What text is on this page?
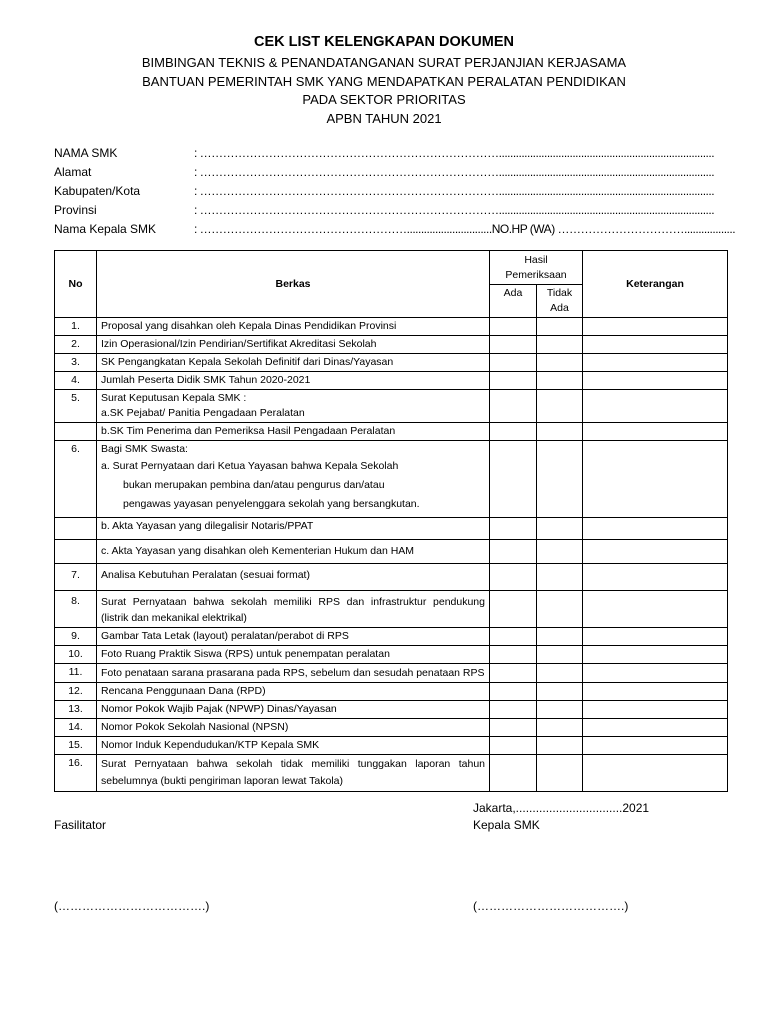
CEK LIST KELENGKAPAN DOKUMEN
BIMBINGAN TEKNIS & PENANDATANGANAN SURAT PERJANJIAN KERJASAMA
BANTUAN PEMERINTAH SMK YANG MENDAPATKAN PERALATAN PENDIDIKAN
PADA SEKTOR PRIORITAS
APBN TAHUN 2021
NAMA SMK	: ……………………………………………………………………............................................................................
Alamat	: ……………………………………………………………………............................................................................
Kabupaten/Kota	: ……………………………………………………………………............................................................................
Provinsi	: ……………………………………………………………………............................................................................
Nama Kepala SMK	: ………………………………………………..............................NO.HP (WA) ……………………………..................
No	Berkas	Hasil Pemeriksaan		Keterangan
		Ada	Tidak Ada	
1.	Proposal yang disahkan oleh Kepala Dinas Pendidikan Provinsi			
2.	Izin Operasional/Izin Pendirian/Sertifikat Akreditasi Sekolah			
3.	SK Pengangkatan Kepala Sekolah Definitif dari Dinas/Yayasan			
4.	Jumlah Peserta Didik SMK Tahun 2020-2021			
5.	Surat Keputusan Kepala SMK :
a.SK Pejabat/ Panitia Pengadaan Peralatan			

	b.SK Tim Penerima dan Pemeriksa Hasil Pengadaan Peralatan			
6.	Bagi SMK Swasta:
a. Surat Pernyataan dari Ketua Yayasan bahwa Kepala Sekolah
bukan merupakan pembina dan/atau pengurus dan/atau
pengawas yayasan penyelenggara sekolah yang bersangkutan.			

	b. Akta Yayasan yang dilegalisir Notaris/PPAT			
	c. Akta Yayasan yang disahkan oleh Kementerian Hukum dan HAM			
7.	Analisa Kebutuhan Peralatan (sesuai format)			
8.	Surat Pernyataan bahwa sekolah memiliki RPS dan infrastruktur pendukung (listrik dan mekanikal elektrikal)			
9.	Gambar Tata Letak (layout) peralatan/perabot di RPS			
10.	Foto Ruang Praktik Siswa (RPS) untuk penempatan peralatan			
11.	Foto penataan sarana prasarana pada RPS, sebelum dan sesudah penataan RPS			
12.	Rencana Penggunaan Dana (RPD)			
13.	Nomor Pokok Wajib Pajak (NPWP) Dinas/Yayasan			
14.	Nomor Pokok Sekolah Nasional (NPSN)			
15.	Nomor Induk Kependudukan/KTP Kepala SMK			
16.	Surat Pernyataan bahwa sekolah tidak memiliki tunggakan laporan tahun sebelumnya (bukti pengiriman laporan lewat Takola)			
Jakarta,................................2021
Fasilitator	Kepala SMK
(……………………………….)	(……………………………….)
